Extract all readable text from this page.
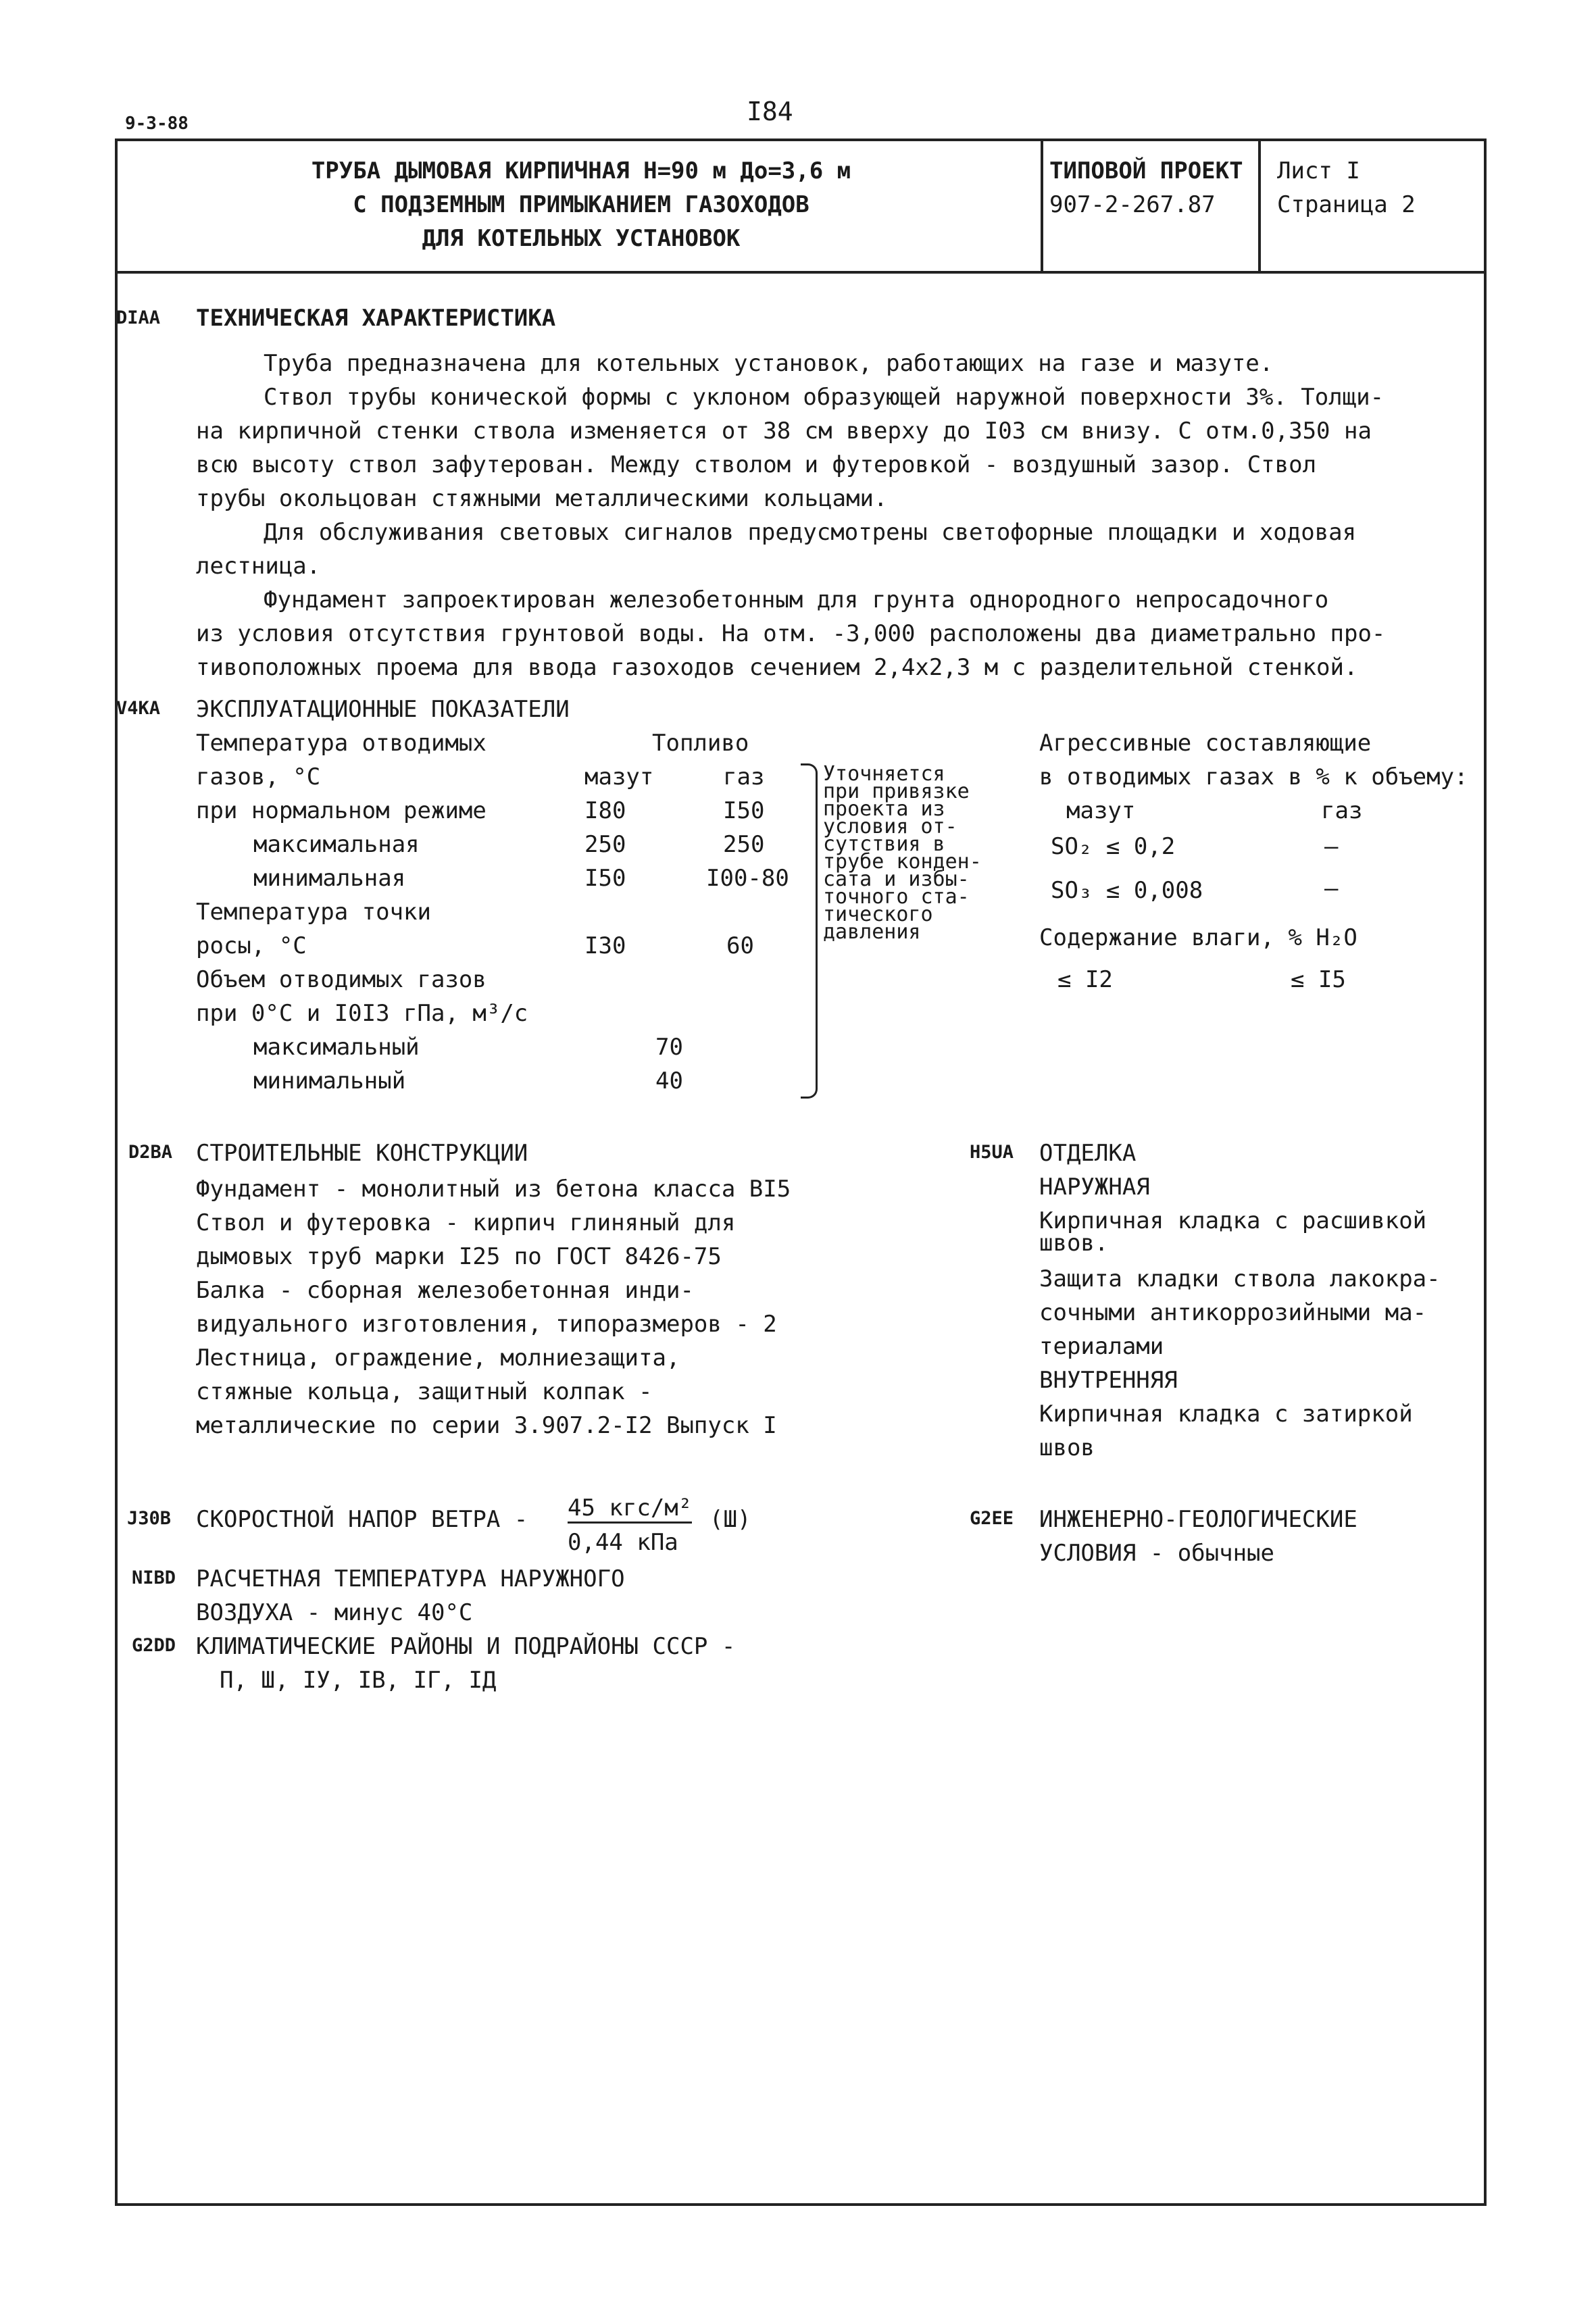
9-3-88	I84
ТРУБА ДЫМОВАЯ КИРПИЧНАЯ Н=90 м До=3,6 м
С ПОДЗЕМНЫМ ПРИМЫКАНИЕМ ГАЗОХОДОВ
ДЛЯ КОТЕЛЬНЫХ УСТАНОВОК
ТИПОВОЙ ПРОЕКТ
907-2-267.87
Лист I
Страница 2
DIAA ТЕХНИЧЕСКАЯ ХАРАКТЕРИСТИКА
Труба предназначена для котельных установок, работающих на газе и мазуте.
Ствол трубы конической формы с уклоном образующей наружной поверхности 3%. Толщи-
на кирпичной стенки ствола изменяется от 38 см вверху до I03 см внизу. С отм.0,350 на
всю высоту ствол зафутерован. Между стволом и футеровкой - воздушный зазор. Ствол
трубы окольцован стяжными металлическими кольцами.
Для обслуживания световых сигналов предусмотрены светофорные площадки и ходовая
лестница.
Фундамент запроектирован железобетонным для грунта однородного непросадочного
из условия отсутствия грунтовой воды. На отм. -3,000 расположены два диаметрально про-
тивоположных проема для ввода газоходов сечением 2,4х2,3 м с разделительной стенкой.
V4KA ЭКСПЛУАТАЦИОННЫЕ ПОКАЗАТЕЛИ
Температура отводимых
газов, °С
Топливо
мазут	газ
при нормальном режиме	I80	I50
максимальная	250	250
минимальная	I50	I00-80
Температура точки
росы, °С	I30	60
Объем отводимых газов
при 0°С и I0I3 гПа, м³/с
максимальный	70
минимальный	40
Уточняется
при привязке
проекта из
условия от-
сутствия в
трубе конден-
сата и избы-
точного ста-
тического
давления
Агрессивные составляющие
в отводимых газах в % к объему:
мазут	газ
SO₂ ≤ 0,2	—
SO₃ ≤ 0,008	—
Содержание влаги, % Н₂О
≤ I2	≤ I5
D2BA СТРОИТЕЛЬНЫЕ КОНСТРУКЦИИ
Фундамент - монолитный из бетона класса BI5
Ствол и футеровка - кирпич глиняный для
дымовых труб марки I25 по ГОСТ 8426-75
Балка - сборная железобетонная инди-
видуального изготовления, типоразмеров - 2
Лестница, ограждение, молниезащита,
стяжные кольца, защитный колпак -
металлические по серии 3.907.2-I2 Выпуск I
H5UA ОТДЕЛКА
НАРУЖНАЯ
Кирпичная кладка с расшивкой
швов.
Защита кладки ствола лакокра-
сочными антикоррозийными ма-
териалами
ВНУТРЕННЯЯ
Кирпичная кладка с затиркой
швов
J30B СКОРОСТНОЙ НАПОР ВЕТРА - 45 кгс/м²
0,44 кПа
(Ш)	G2EE ИНЖЕНЕРНО-ГЕОЛОГИЧЕСКИЕ
УСЛОВИЯ - обычные
NIBD РАСЧЕТНАЯ ТЕМПЕРАТУРА НАРУЖНОГО
ВОЗДУХА - минус 40°С
G2DD КЛИМАТИЧЕСКИЕ РАЙОНЫ И ПОДРАЙОНЫ СССР -
П, Ш, IУ, IВ, IГ, IД
